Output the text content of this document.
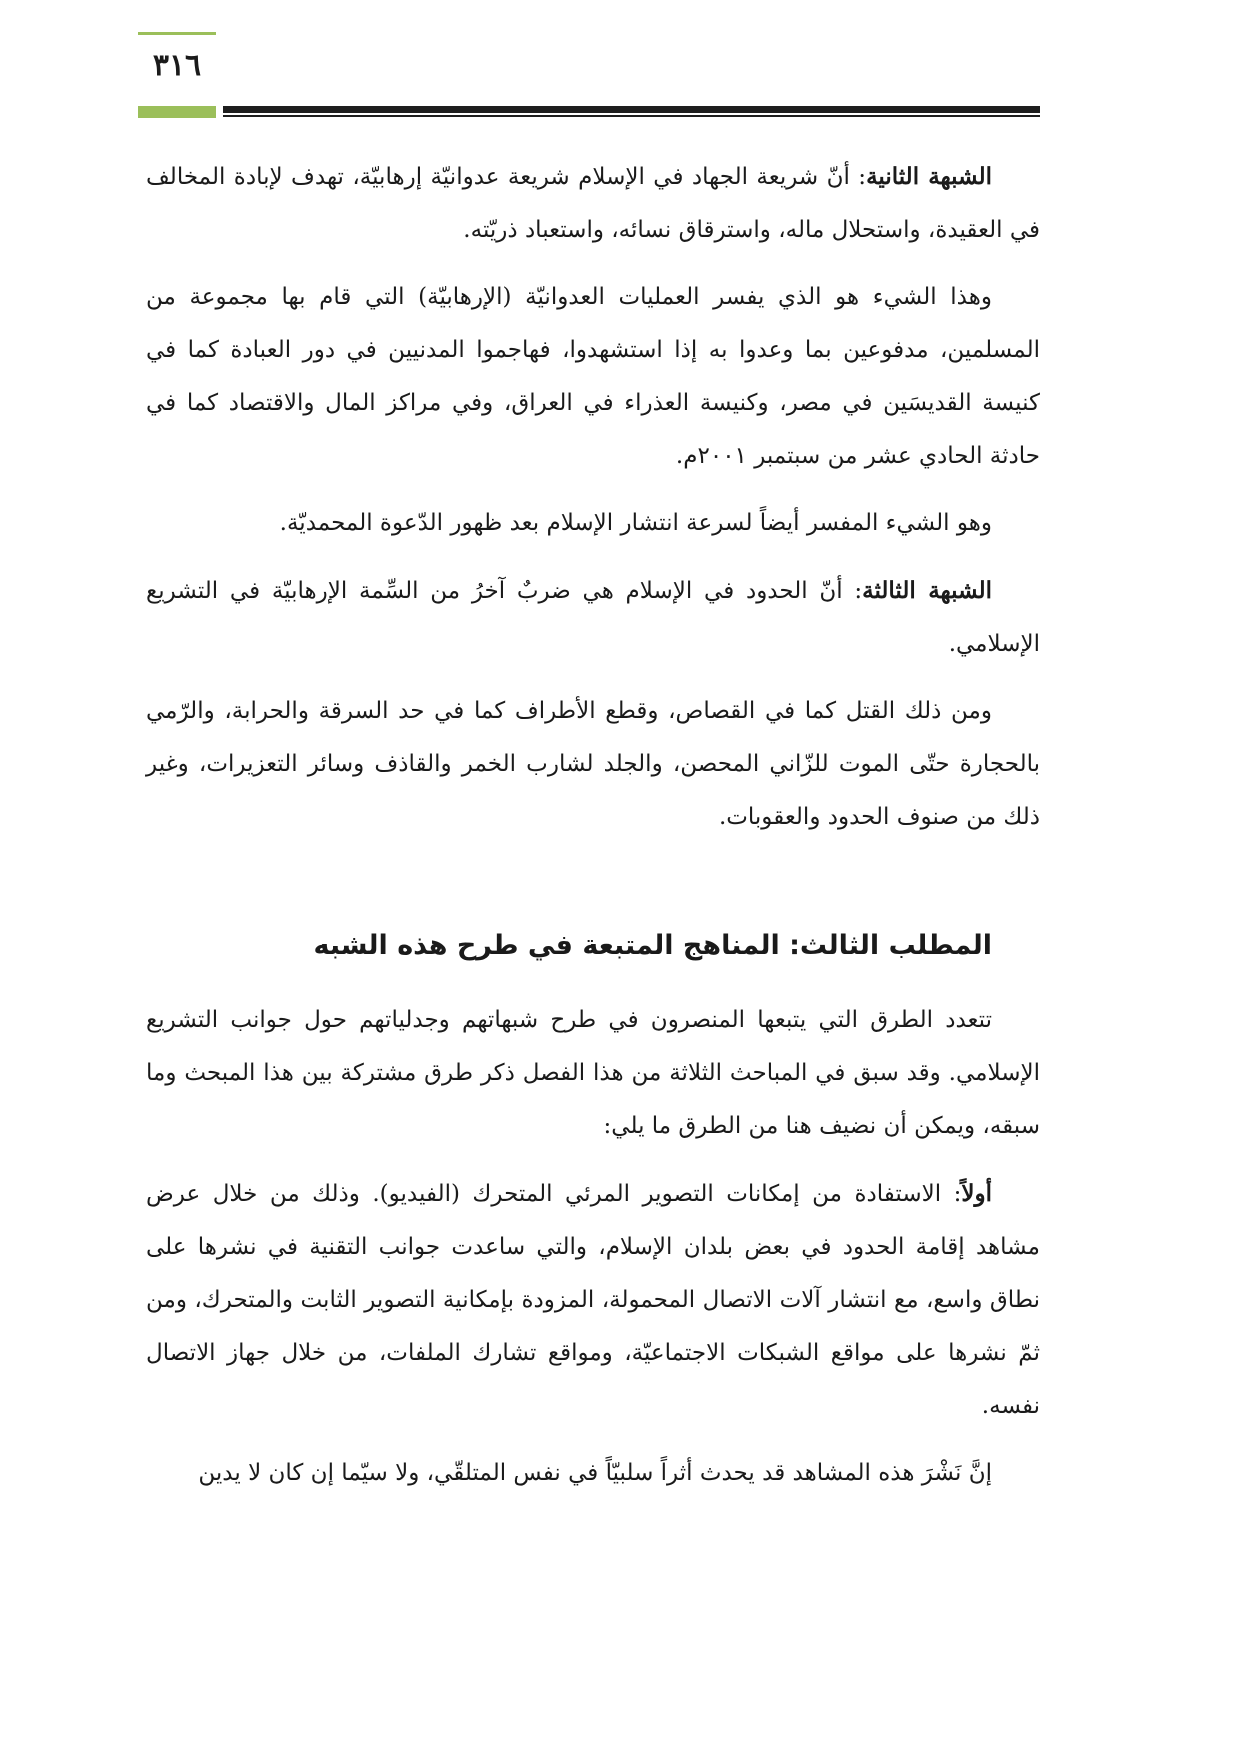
٣١٦

الشبهة الثانية: أنّ شريعة الجهاد في الإسلام شريعة عدوانيّة إرهابيّة، تهدف لإبادة المخالف في العقيدة، واستحلال ماله، واسترقاق نسائه، واستعباد ذريّته.

وهذا الشيء هو الذي يفسر العمليات العدوانيّة (الإرهابيّة) التي قام بها مجموعة من المسلمين، مدفوعين بما وعدوا به إذا استشهدوا، فهاجموا المدنيين في دور العبادة كما في كنيسة القديسَين في مصر، وكنيسة العذراء في العراق، وفي مراكز المال والاقتصاد كما في حادثة الحادي عشر من سبتمبر ٢٠٠١م.

وهو الشيء المفسر أيضاً لسرعة انتشار الإسلام بعد ظهور الدّعوة المحمديّة.

الشبهة الثالثة: أنّ الحدود في الإسلام هي ضربٌ آخرُ من السِّمة الإرهابيّة في التشريع الإسلامي.

ومن ذلك القتل كما في القصاص، وقطع الأطراف كما في حد السرقة والحرابة، والرّمي بالحجارة حتّى الموت للزّاني المحصن، والجلد لشارب الخمر والقاذف وسائر التعزيرات، وغير ذلك من صنوف الحدود والعقوبات.

المطلب الثالث: المناهج المتبعة في طرح هذه الشبه

تتعدد الطرق التي يتبعها المنصرون في طرح شبهاتهم وجدلياتهم حول جوانب التشريع الإسلامي. وقد سبق في المباحث الثلاثة من هذا الفصل ذكر طرق مشتركة بين هذا المبحث وما سبقه، ويمكن أن نضيف هنا من الطرق ما يلي:

أولاً: الاستفادة من إمكانات التصوير المرئي المتحرك (الفيديو). وذلك من خلال عرض مشاهد إقامة الحدود في بعض بلدان الإسلام، والتي ساعدت جوانب التقنية في نشرها على نطاق واسع، مع انتشار آلات الاتصال المحمولة، المزودة بإمكانية التصوير الثابت والمتحرك، ومن ثمّ نشرها على مواقع الشبكات الاجتماعيّة، ومواقع تشارك الملفات، من خلال جهاز الاتصال نفسه.

إنَّ نَشْرَ هذه المشاهد قد يحدث أثراً سلبيّاً في نفس المتلقّي، ولا سيّما إن كان لا يدين
